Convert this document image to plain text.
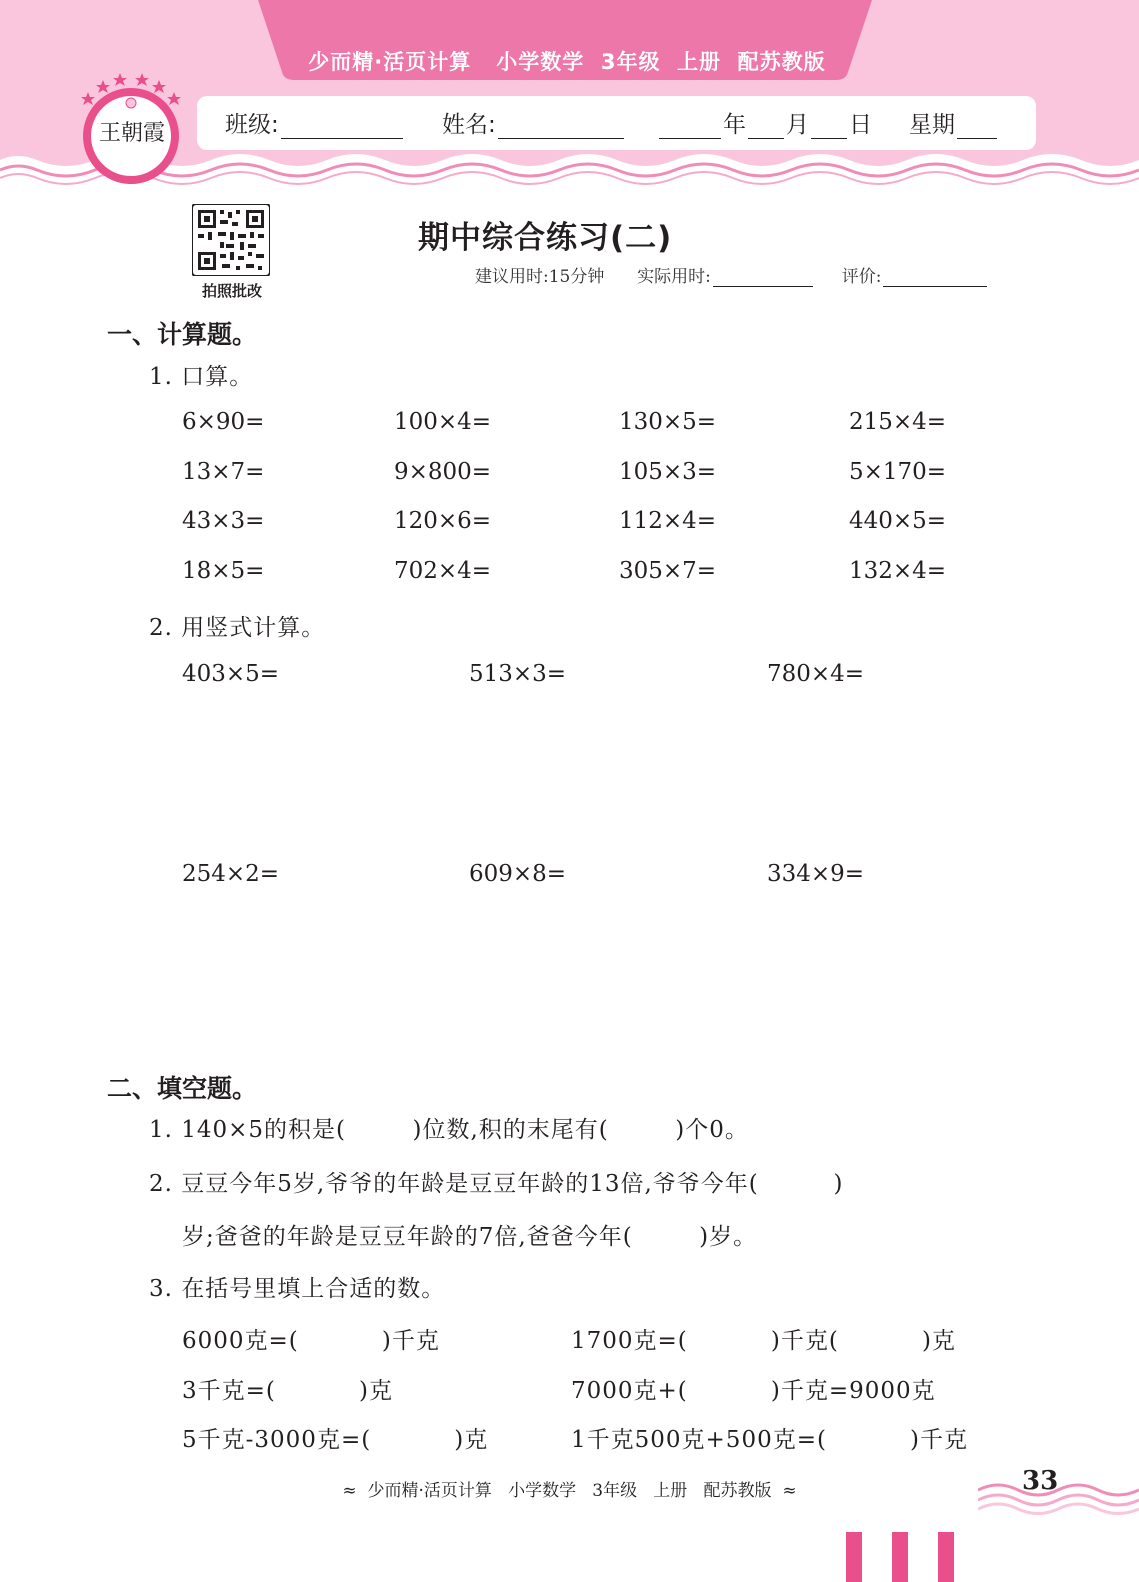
少而精·活页计算   小学数学  3年级  上册  配苏教版
班级:	姓名:	年 月 日 星期
王朝霞
拍照批改
期中综合练习(二)
建议用时:15分钟 实际用时:	评价:
一、计算题。
1. 口算。
6×90=	100×4=	130×5=	215×4=
13×7=	9×800=	105×3=	5×170=
43×3=	120×6=	112×4=	440×5=
18×5=	702×4=	305×7=	132×4=
2. 用竖式计算。
403×5=	513×3=	780×4=
254×2=	609×8=	334×9=
二、填空题。
1. 140×5的积是(        )位数,积的末尾有(        )个0。
2. 豆豆今年5岁,爷爷的年龄是豆豆年龄的13倍,爷爷今年(         )
岁;爸爸的年龄是豆豆年龄的7倍,爸爸今年(        )岁。
3. 在括号里填上合适的数。
6000克=(          )千克	1700克=(          )千克(          )克
3千克=(          )克	7000克+(          )千克=9000克
5千克-3000克=(          )克	1千克500克+500克=(          )千克
≈  少而精·活页计算   小学数学   3年级   上册   配苏教版  ≈	33
